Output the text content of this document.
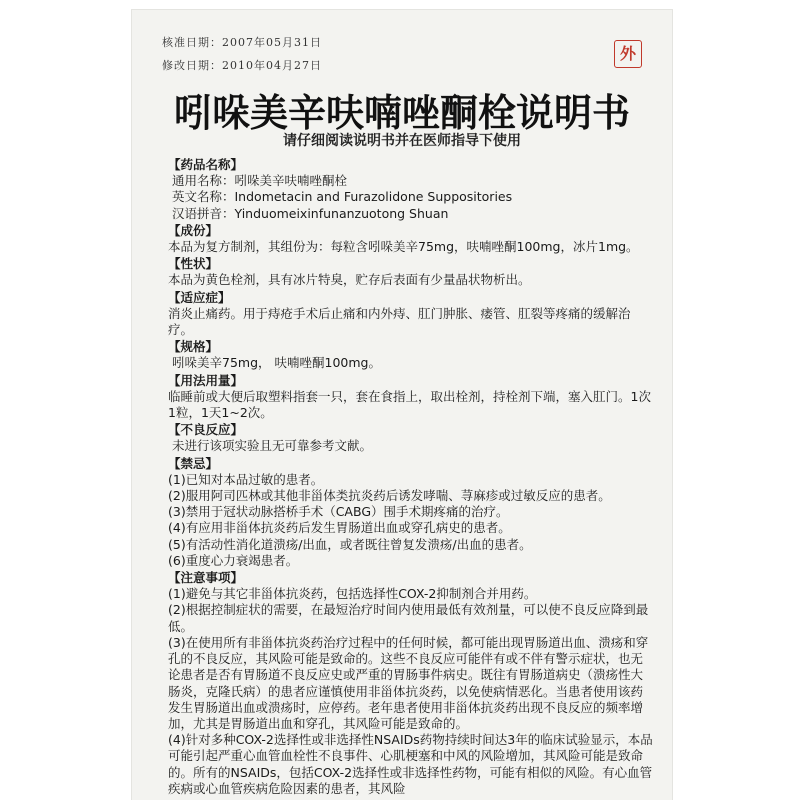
核准日期：2007年05月31日
修改日期：2010年04月27日
外
吲哚美辛呋喃唑酮栓说明书
请仔细阅读说明书并在医师指导下使用
【 药品名称 】
通用名称：吲哚美辛呋喃唑酮栓
英文名称：Indometacin and Furazolidone Suppositories
汉语拼音：Yinduomeixinfunanzuotong Shuan
【 成份 】
本品为复方制剂，其组份为：每粒含吲哚美辛75mg，呋喃唑酮100mg，冰片1mg。
【 性状 】
本品为黄色栓剂，具有冰片特臭，贮存后表面有少量晶状物析出。
【 适应症 】
消炎止痛药。用于痔疮手术后止痛和内外痔、肛门肿胀、瘘管、肛裂等疼痛的缓解治疗。
【 规格 】
吲哚美辛75mg， 呋喃唑酮100mg。
【 用法用量 】
临睡前或大便后取塑料指套一只，套在食指上，取出栓剂，持栓剂下端，塞入肛门。1次1粒，1天1~2次。
【 不良反应 】
未进行该项实验且无可靠参考文献。
【 禁忌 】
(1)已知对本品过敏的患者。
(2)服用阿司匹林或其他非甾体类抗炎药后诱发哮喘、荨麻疹或过敏反应的患者。
(3)禁用于冠状动脉搭桥手术（CABG）围手术期疼痛的治疗。
(4)有应用非甾体抗炎药后发生胃肠道出血或穿孔病史的患者。
(5)有活动性消化道溃疡/出血，或者既往曾复发溃疡/出血的患者。
(6)重度心力衰竭患者。
【 注意事项 】
(1)避免与其它非甾体抗炎药，包括选择性COX-2抑制剂合并用药。
(2)根据控制症状的需要，在最短治疗时间内使用最低有效剂量，可以使不良反应降到最低。
(3)在使用所有非甾体抗炎药治疗过程中的任何时候，都可能出现胃肠道出血、溃疡和穿孔的不良反应，其风险可能是致命的。这些不良反应可能伴有或不伴有警示症状，也无论患者是否有胃肠道不良反应史或严重的胃肠事件病史。既往有胃肠道病史（溃疡性大肠炎，克隆氏病）的患者应谨慎使用非甾体抗炎药，以免使病情恶化。当患者使用该药发生胃肠道出血或溃疡时，应停药。老年患者使用非甾体抗炎药出现不良反应的频率增加，尤其是胃肠道出血和穿孔，其风险可能是致命的。
(4)针对多种COX-2选择性或非选择性NSAIDs药物持续时间达3年的临床试验显示，本品可能引起严重心血管血栓性不良事件、心肌梗塞和中风的风险增加，其风险可能是致命的。所有的NSAIDs，包括COX-2选择性或非选择性药物，可能有相似的风险。有心血管疾病或心血管疾病危险因素的患者，其风险
